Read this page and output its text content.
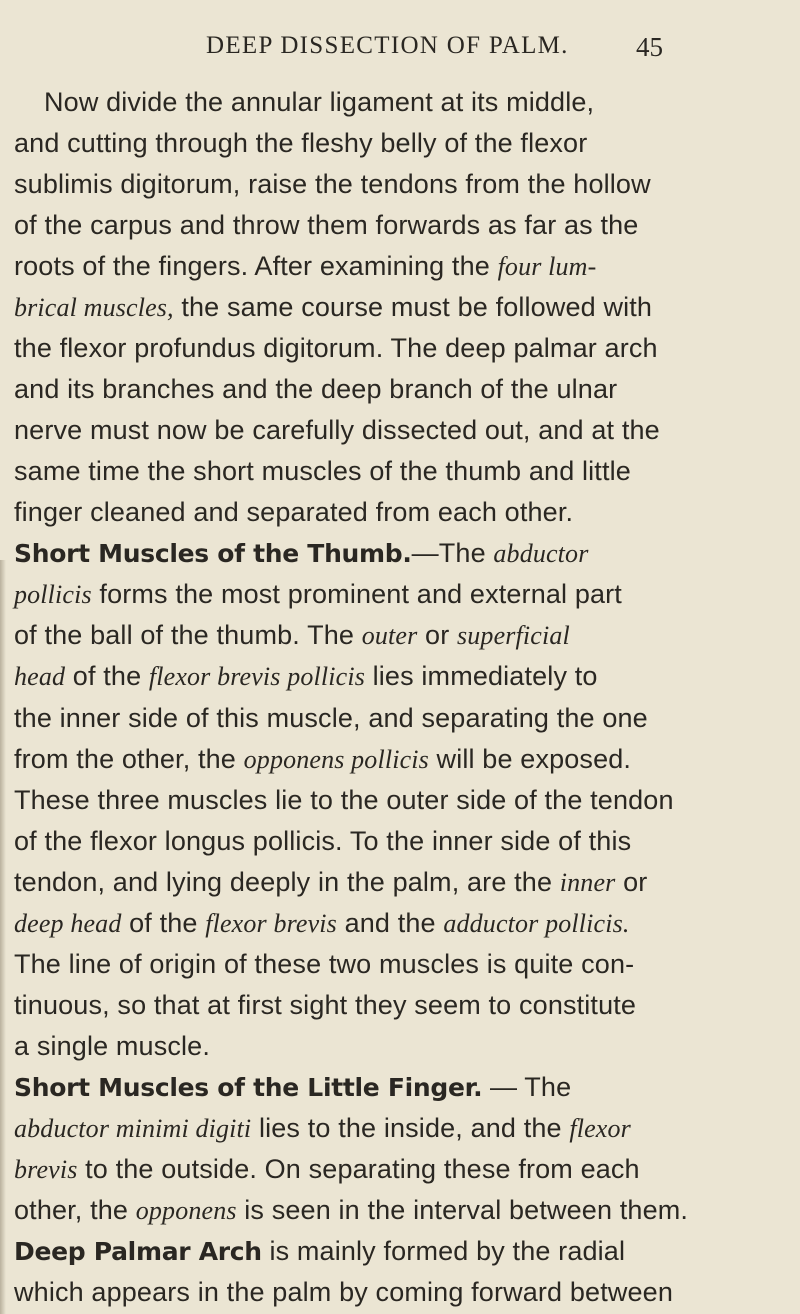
DEEP DISSECTION OF PALM. 45
Now divide the annular ligament at its middle,
and cutting through the fleshy belly of the flexor
sublimis digitorum, raise the tendons from the hollow
of the carpus and throw them forwards as far as the
roots of the fingers. After examining the four lum-
brical muscles, the same course must be followed with
the flexor profundus digitorum. The deep palmar arch
and its branches and the deep branch of the ulnar
nerve must now be carefully dissected out, and at the
same time the short muscles of the thumb and little
finger cleaned and separated from each other.
Short Muscles of the Thumb.—The abductor
pollicis forms the most prominent and external part
of the ball of the thumb. The outer or superficial
head of the flexor brevis pollicis lies immediately to
the inner side of this muscle, and separating the one
from the other, the opponens pollicis will be exposed.
These three muscles lie to the outer side of the tendon
of the flexor longus pollicis. To the inner side of this
tendon, and lying deeply in the palm, are the inner or
deep head of the flexor brevis and the adductor pollicis.
The line of origin of these two muscles is quite con-
tinuous, so that at first sight they seem to constitute
a single muscle.
Short Muscles of the Little Finger. — The
abductor minimi digiti lies to the inside, and the flexor
brevis to the outside. On separating these from each
other, the opponens is seen in the interval between them.
Deep Palmar Arch is mainly formed by the radial
which appears in the palm by coming forward between
